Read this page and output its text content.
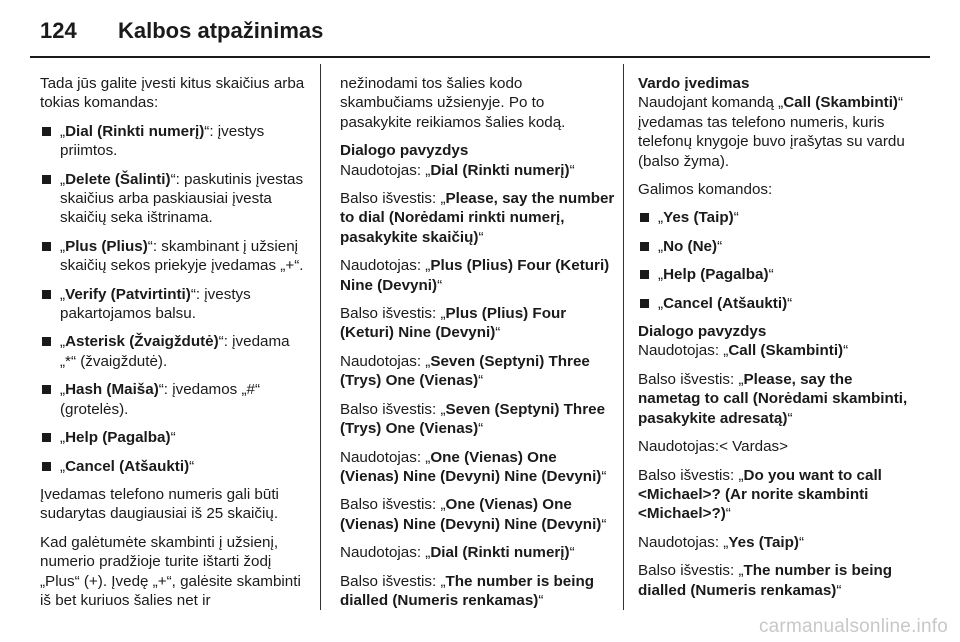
124	Kalbos atpažinimas

Tada jūs galite įvesti kitus skaičius arba tokias komandas:

„Dial (Rinkti numerį)“: įvestys priimtos.
„Delete (Šalinti)“: paskutinis įvestas skaičius arba paskiausiai įvesta skaičių seka ištrinama.
„Plus (Plius)“: skambinant į užsienį skaičių sekos priekyje įvedamas „+“.
„Verify (Patvirtinti)“: įvestys pakartojamos balsu.
„Asterisk (Žvaigždutė)“: įvedama „*“ (žvaigždutė).
„Hash (Maiša)“: įvedamos „#“ (grotelės).
„Help (Pagalba)“
„Cancel (Atšaukti)“

Įvedamas telefono numeris gali būti sudarytas daugiausiai iš 25 skaičių.

Kad galėtumėte skambinti į užsienį, numerio pradžioje turite ištarti žodį „Plus“ (+). Įvedę „+“, galėsite skambinti iš bet kuriuos šalies net ir

nežinodami tos šalies kodo skambučiams užsienyje. Po to pasakykite reikiamos šalies kodą.

Dialogo pavyzdys

Naudotojas: „Dial (Rinkti numerį)“

Balso išvestis: „Please, say the number to dial (Norėdami rinkti numerį, pasakykite skaičių)“

Naudotojas: „Plus (Plius) Four (Keturi) Nine (Devyni)“

Balso išvestis: „Plus (Plius) Four (Keturi) Nine (Devyni)“

Naudotojas: „Seven (Septyni) Three (Trys) One (Vienas)“

Balso išvestis: „Seven (Septyni) Three (Trys) One (Vienas)“

Naudotojas: „One (Vienas) One (Vienas) Nine (Devyni) Nine (Devyni)“

Balso išvestis: „One (Vienas) One (Vienas) Nine (Devyni) Nine (Devyni)“

Naudotojas: „Dial (Rinkti numerį)“

Balso išvestis: „The number is being dialled (Numeris renkamas)“

Vardo įvedimas

Naudojant komandą „Call (Skambinti)“ įvedamas tas telefono numeris, kuris telefonų knygoje buvo įrašytas su vardu (balso žyma).

Galimos komandos:

„Yes (Taip)“
„No (Ne)“
„Help (Pagalba)“
„Cancel (Atšaukti)“

Dialogo pavyzdys

Naudotojas: „Call (Skambinti)“

Balso išvestis: „Please, say the nametag to call (Norėdami skambinti, pasakykite adresatą)“

Naudotojas:< Vardas>

Balso išvestis: „Do you want to call <Michael>? (Ar norite skambinti <Michael>?)“

Naudotojas: „Yes (Taip)“

Balso išvestis: „The number is being dialled (Numeris renkamas)“

carmanualsonline.info
